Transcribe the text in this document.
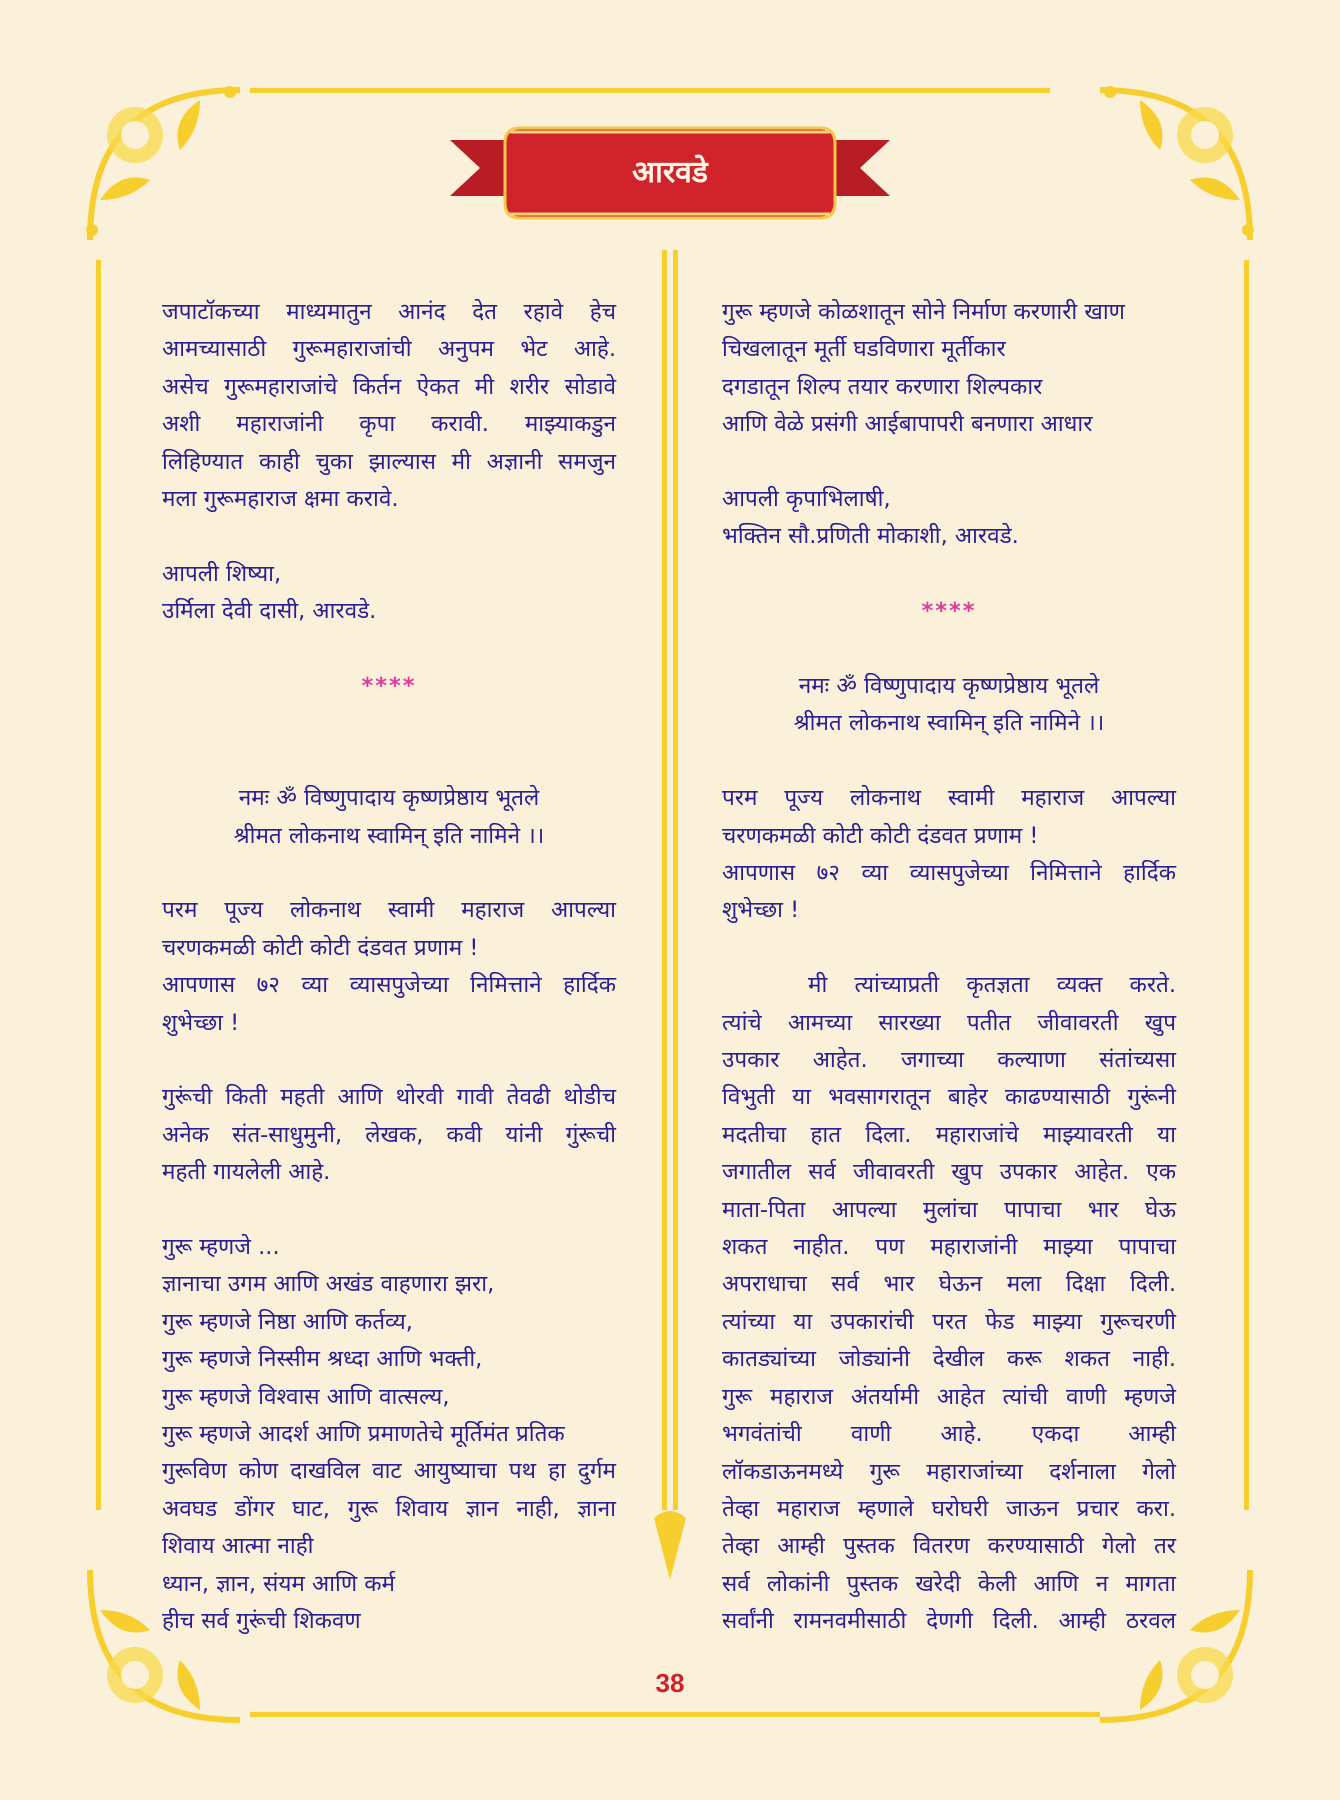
आरवडे

जपाटॉकच्या माध्यमातुन आनंद देत रहावे हेच

आमच्यासाठी गुरूमहाराजांची अनुपम भेट आहे.

असेच गुरूमहाराजांचे किर्तन ऐकत मी शरीर सोडावे

अशी महाराजांनी कृपा करावी. माझ्याकडुन

लिहिण्यात काही चुका झाल्यास मी अज्ञानी समजुन

मला गुरूमहाराज क्षमा करावे.

आपली शिष्या,

उर्मिला देवी दासी, आरवडे.

****

नमः ॐ विष्णुपादाय कृष्णप्रेष्ठाय भूतले

श्रीमत लोकनाथ स्वामिन् इति नामिने ।।

परम पूज्य लोकनाथ स्वामी महाराज आपल्या

चरणकमळी कोटी कोटी दंडवत प्रणाम !

आपणास ७२ व्या व्यासपुजेच्या निमित्ताने हार्दिक

शुभेच्छा !

गुरूंची किती महती आणि थोरवी गावी तेवढी थोडीच

अनेक संत-साधुमुनी, लेखक, कवी यांनी गुंरूची

महती गायलेली आहे.

गुरू म्हणजे ...

ज्ञानाचा उगम आणि अखंड वाहणारा झरा,

गुरू म्हणजे निष्ठा आणि कर्तव्य,

गुरू म्हणजे निस्सीम श्रध्दा आणि भक्ती,

गुरू म्हणजे विश्वास आणि वात्सल्य,

गुरू म्हणजे आदर्श आणि प्रमाणतेचे मूर्तिमंत प्रतिक

गुरूविण कोण दाखविल वाट आयुष्याचा पथ हा दुर्गम

अवघड डोंगर घाट, गुरू शिवाय ज्ञान नाही, ज्ञाना

शिवाय आत्मा नाही

ध्यान, ज्ञान, संयम आणि कर्म

हीच सर्व गुरूंची शिकवण

गुरू म्हणजे कोळशातून सोने निर्माण करणारी खाण

चिखलातून मूर्ती घडविणारा मूर्तीकार

दगडातून शिल्प तयार करणारा शिल्पकार

आणि वेळे प्रसंगी आईबापापरी बनणारा आधार

आपली कृपाभिलाषी,

भक्तिन सौ.प्रणिती मोकाशी, आरवडे.

****

नमः ॐ विष्णुपादाय कृष्णप्रेष्ठाय भूतले

श्रीमत लोकनाथ स्वामिन् इति नामिने ।।

परम पूज्य लोकनाथ स्वामी महाराज आपल्या

चरणकमळी कोटी कोटी दंडवत प्रणाम !

आपणास ७२ व्या व्यासपुजेच्या निमित्ताने हार्दिक

शुभेच्छा !

मी त्यांच्याप्रती कृतज्ञता व्यक्त करते.

त्यांचे आमच्या सारख्या पतीत जीवावरती खुप

उपकार आहेत. जगाच्या कल्याणा संतांच्यसा

विभुती या भवसागरातून बाहेर काढण्यासाठी गुरूंनी

मदतीचा हात दिला. महाराजांचे माझ्यावरती या

जगातील सर्व जीवावरती खुप उपकार आहेत. एक

माता-पिता आपल्या मुलांचा पापाचा भार घेऊ

शकत नाहीत. पण महाराजांनी माझ्या पापाचा

अपराधाचा सर्व भार घेऊन मला दिक्षा दिली.

त्यांच्या या उपकारांची परत फेड माझ्या गुरूचरणी

कातड्यांच्या जोड्यांनी देखील करू शकत नाही.

गुरू महाराज अंतर्यामी आहेत त्यांची वाणी म्हणजे

भगवंतांची वाणी आहे. एकदा आम्ही

लॉकडाऊनमध्ये गुरू महाराजांच्या दर्शनाला गेलो

तेव्हा महाराज म्हणाले घरोघरी जाऊन प्रचार करा.

तेव्हा आम्ही पुस्तक वितरण करण्यासाठी गेलो तर

सर्व लोकांनी पुस्तक खरेदी केली आणि न मागता

सर्वांनी रामनवमीसाठी देणगी दिली. आम्ही ठरवल

38
